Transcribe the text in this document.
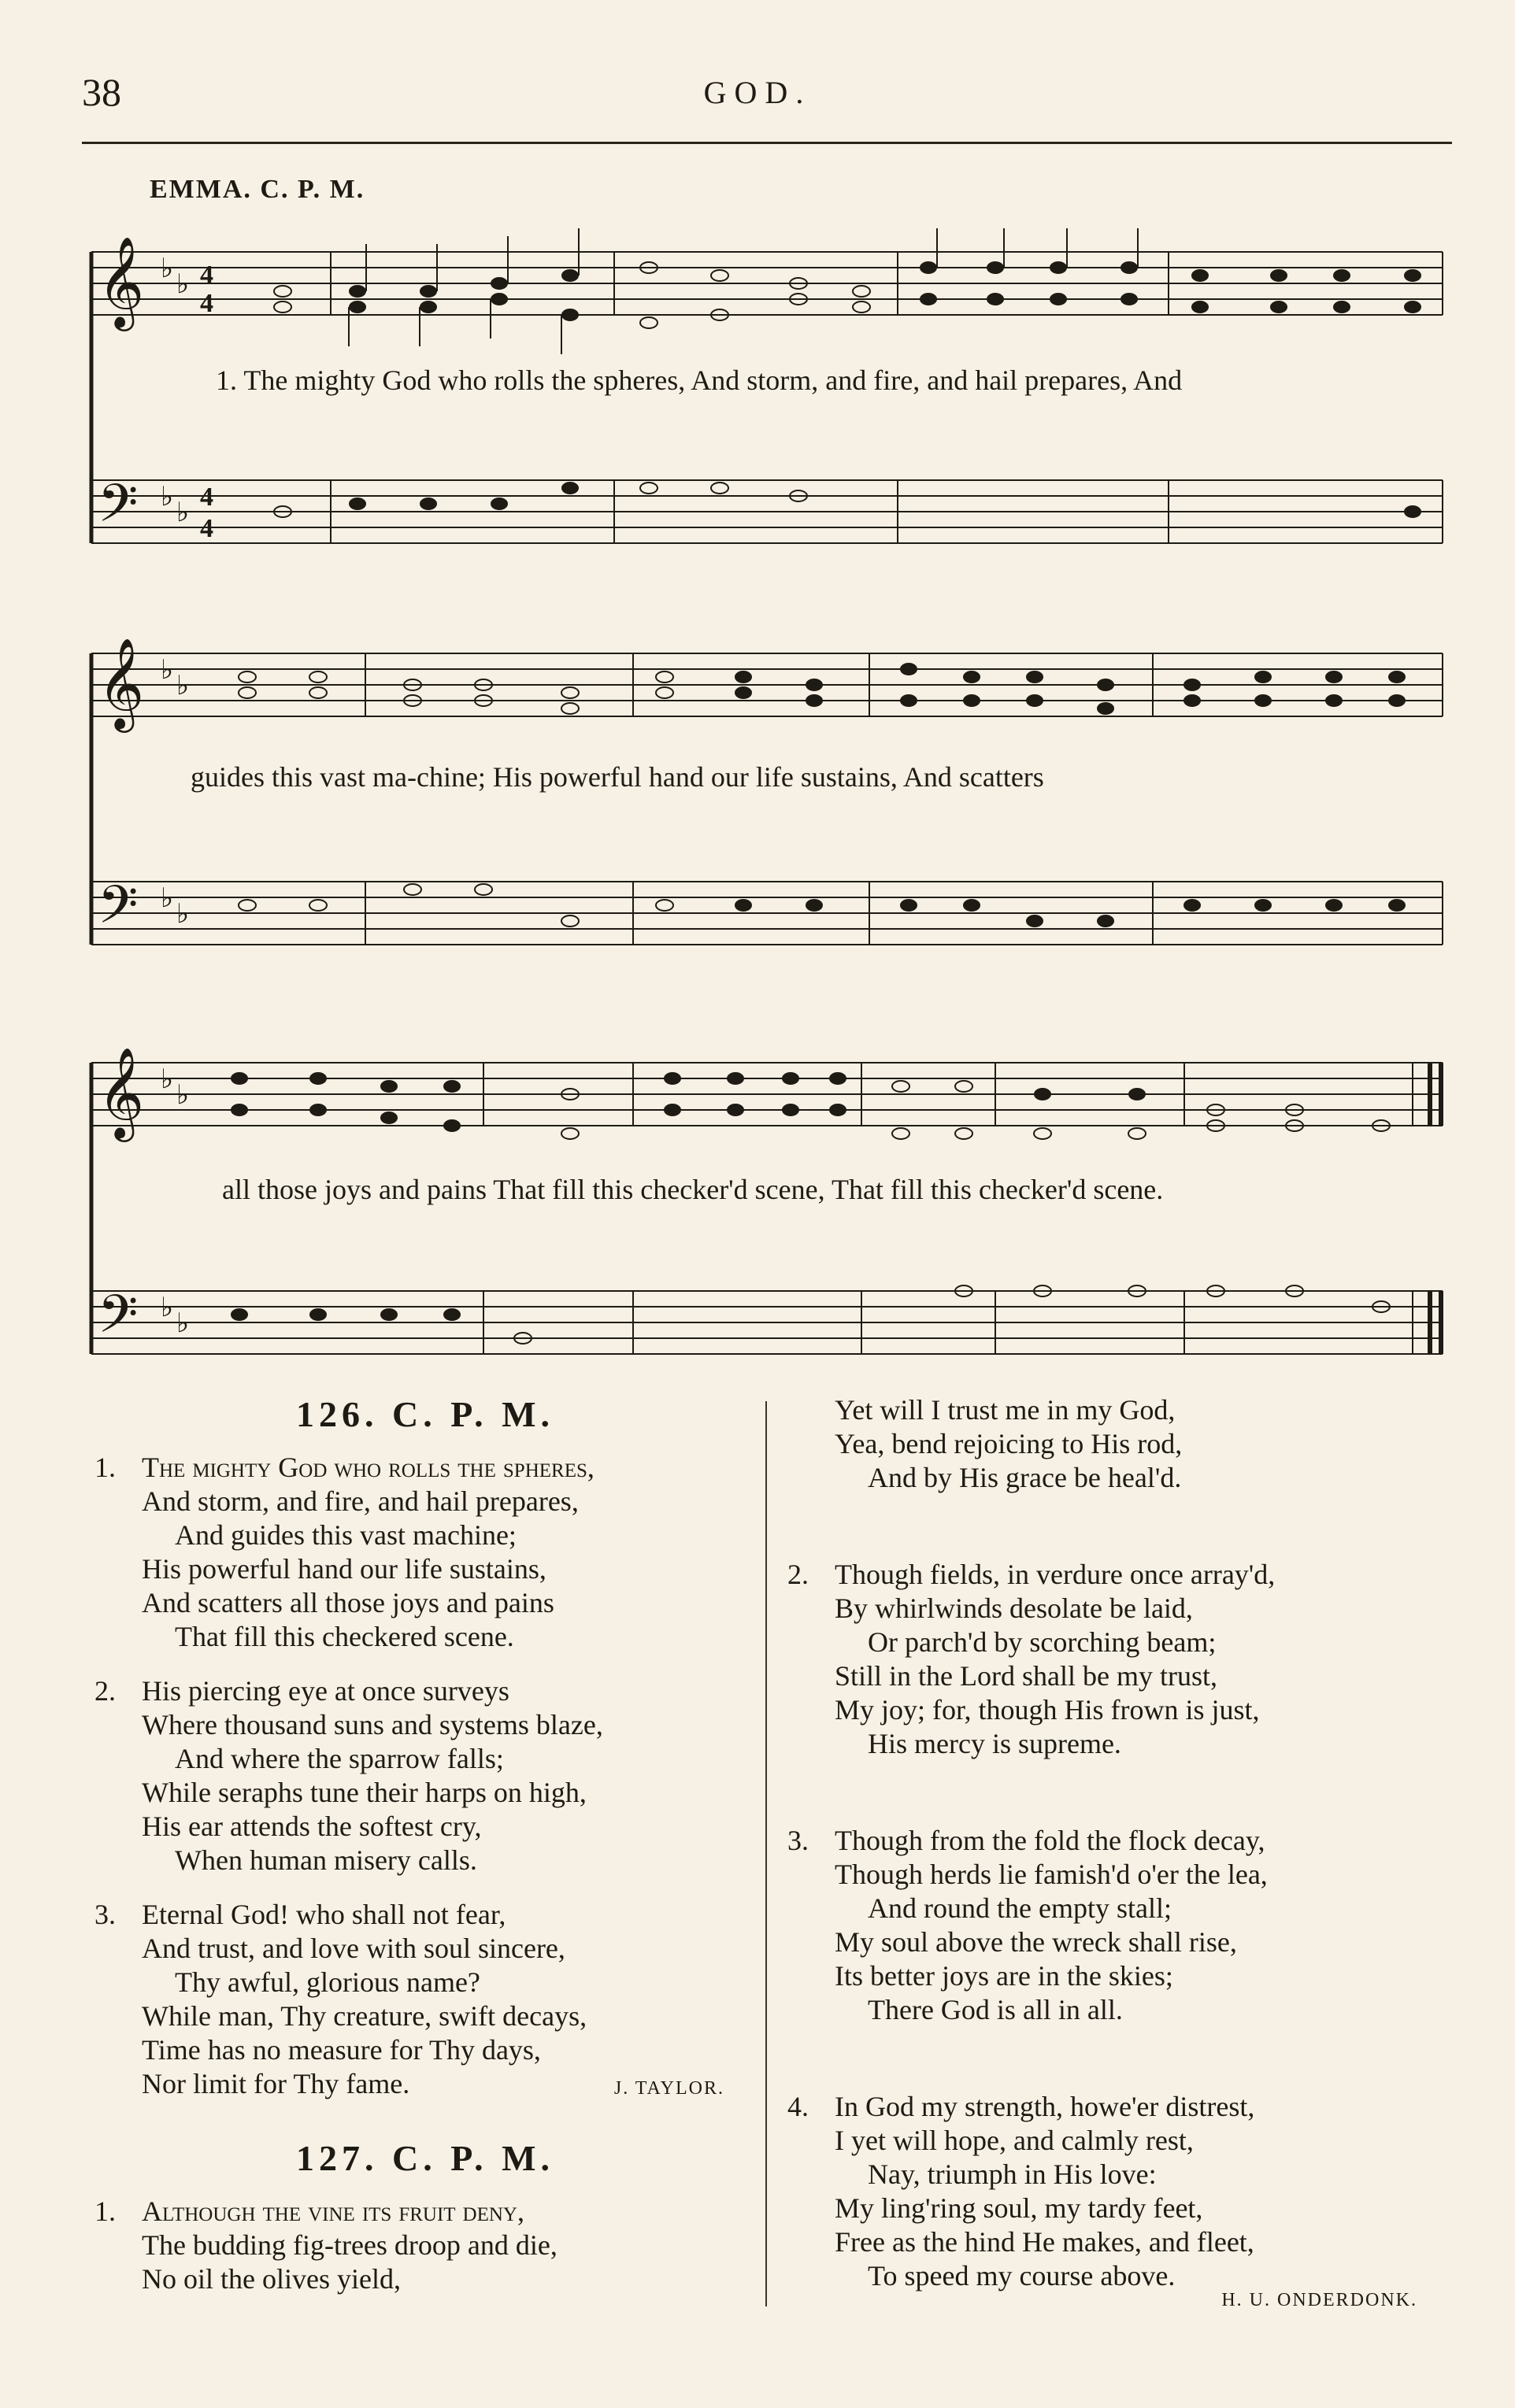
38	GOD.
EMMA. C. P. M.
𝄞
𝄢
♭
♭ 4
4
♭
♭
4
4
1. The mighty God who rolls the spheres, And storm, and fire, and hail prepares, And
𝄞
𝄢
♭
♭
♭
♭
guides this vast ma-chine; His powerful hand our life sustains, And scatters
𝄞
𝄢
♭
♭
♭
♭
all those joys and pains That fill this checker'd scene, That fill this checker'd scene.
126. C. P. M.
1. The mighty God who rolls the spheres,
And storm, and fire, and hail prepares,
And guides this vast machine;
His powerful hand our life sustains,
And scatters all those joys and pains
That fill this checkered scene.
2. His piercing eye at once surveys
Where thousand suns and systems blaze,
And where the sparrow falls;
While seraphs tune their harps on high,
His ear attends the softest cry,
When human misery calls.
3. Eternal God! who shall not fear,
And trust, and love with soul sincere,
Thy awful, glorious name?
While man, Thy creature, swift decays,
Time has no measure for Thy days,
Nor limit for Thy fame.	J. TAYLOR.
127. C. P. M.
1. Although the vine its fruit deny,
The budding fig-trees droop and die,
No oil the olives yield,
Yet will I trust me in my God,
Yea, bend rejoicing to His rod,
And by His grace be heal'd.
2. Though fields, in verdure once array'd,
By whirlwinds desolate be laid,
Or parch'd by scorching beam;
Still in the Lord shall be my trust,
My joy; for, though His frown is just,
His mercy is supreme.
3. Though from the fold the flock decay,
Though herds lie famish'd o'er the lea,
And round the empty stall;
My soul above the wreck shall rise,
Its better joys are in the skies;
There God is all in all.
4. In God my strength, howe'er distrest,
I yet will hope, and calmly rest,
Nay, triumph in His love:
My ling'ring soul, my tardy feet,
Free as the hind He makes, and fleet,
To speed my course above.
H. U. ONDERDONK.
